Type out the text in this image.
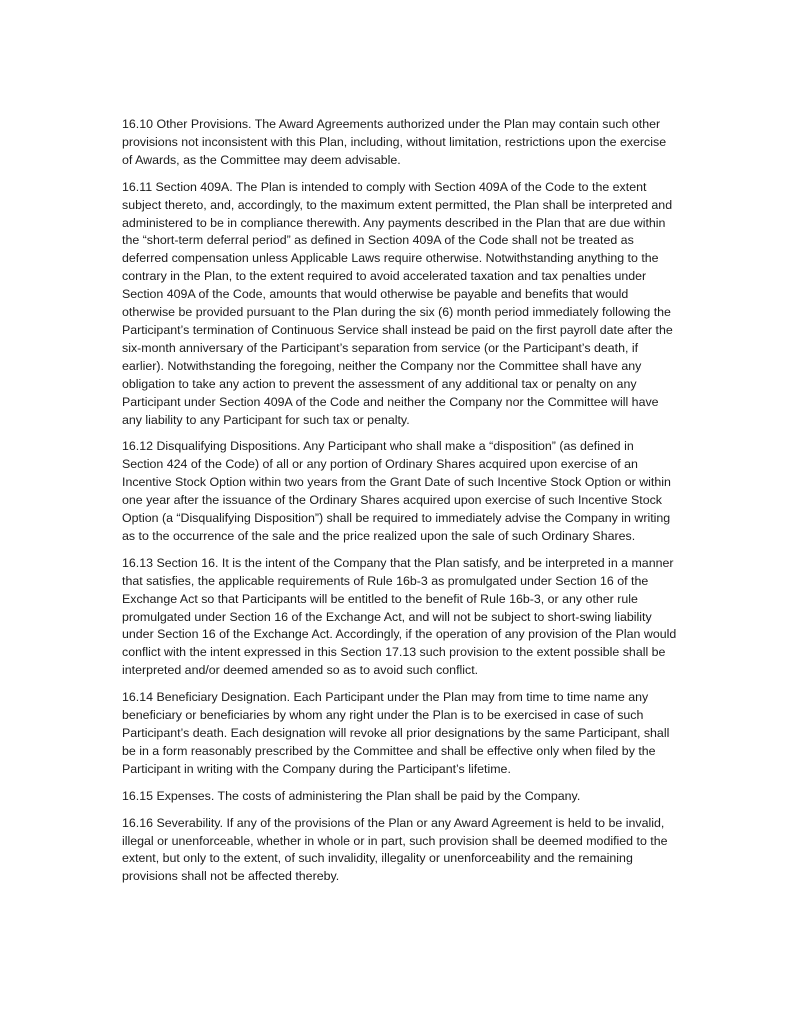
16.10 Other Provisions. The Award Agreements authorized under the Plan may contain such other provisions not inconsistent with this Plan, including, without limitation, restrictions upon the exercise of Awards, as the Committee may deem advisable.

16.11 Section 409A. The Plan is intended to comply with Section 409A of the Code to the extent subject thereto, and, accordingly, to the maximum extent permitted, the Plan shall be interpreted and administered to be in compliance therewith. Any payments described in the Plan that are due within the “short-term deferral period” as defined in Section 409A of the Code shall not be treated as deferred compensation unless Applicable Laws require otherwise. Notwithstanding anything to the contrary in the Plan, to the extent required to avoid accelerated taxation and tax penalties under Section 409A of the Code, amounts that would otherwise be payable and benefits that would otherwise be provided pursuant to the Plan during the six (6) month period immediately following the Participant’s termination of Continuous Service shall instead be paid on the first payroll date after the six-month anniversary of the Participant’s separation from service (or the Participant’s death, if earlier). Notwithstanding the foregoing, neither the Company nor the Committee shall have any obligation to take any action to prevent the assessment of any additional tax or penalty on any Participant under Section 409A of the Code and neither the Company nor the Committee will have any liability to any Participant for such tax or penalty.

16.12 Disqualifying Dispositions. Any Participant who shall make a “disposition” (as defined in Section 424 of the Code) of all or any portion of Ordinary Shares acquired upon exercise of an Incentive Stock Option within two years from the Grant Date of such Incentive Stock Option or within one year after the issuance of the Ordinary Shares acquired upon exercise of such Incentive Stock Option (a “Disqualifying Disposition”) shall be required to immediately advise the Company in writing as to the occurrence of the sale and the price realized upon the sale of such Ordinary Shares.

16.13 Section 16. It is the intent of the Company that the Plan satisfy, and be interpreted in a manner that satisfies, the applicable requirements of Rule 16b-3 as promulgated under Section 16 of the Exchange Act so that Participants will be entitled to the benefit of Rule 16b-3, or any other rule promulgated under Section 16 of the Exchange Act, and will not be subject to short-swing liability under Section 16 of the Exchange Act. Accordingly, if the operation of any provision of the Plan would conflict with the intent expressed in this Section 17.13 such provision to the extent possible shall be interpreted and/or deemed amended so as to avoid such conflict.

16.14 Beneficiary Designation. Each Participant under the Plan may from time to time name any beneficiary or beneficiaries by whom any right under the Plan is to be exercised in case of such Participant’s death. Each designation will revoke all prior designations by the same Participant, shall be in a form reasonably prescribed by the Committee and shall be effective only when filed by the Participant in writing with the Company during the Participant’s lifetime.

16.15 Expenses. The costs of administering the Plan shall be paid by the Company.

16.16 Severability. If any of the provisions of the Plan or any Award Agreement is held to be invalid, illegal or unenforceable, whether in whole or in part, such provision shall be deemed modified to the extent, but only to the extent, of such invalidity, illegality or unenforceability and the remaining provisions shall not be affected thereby.
